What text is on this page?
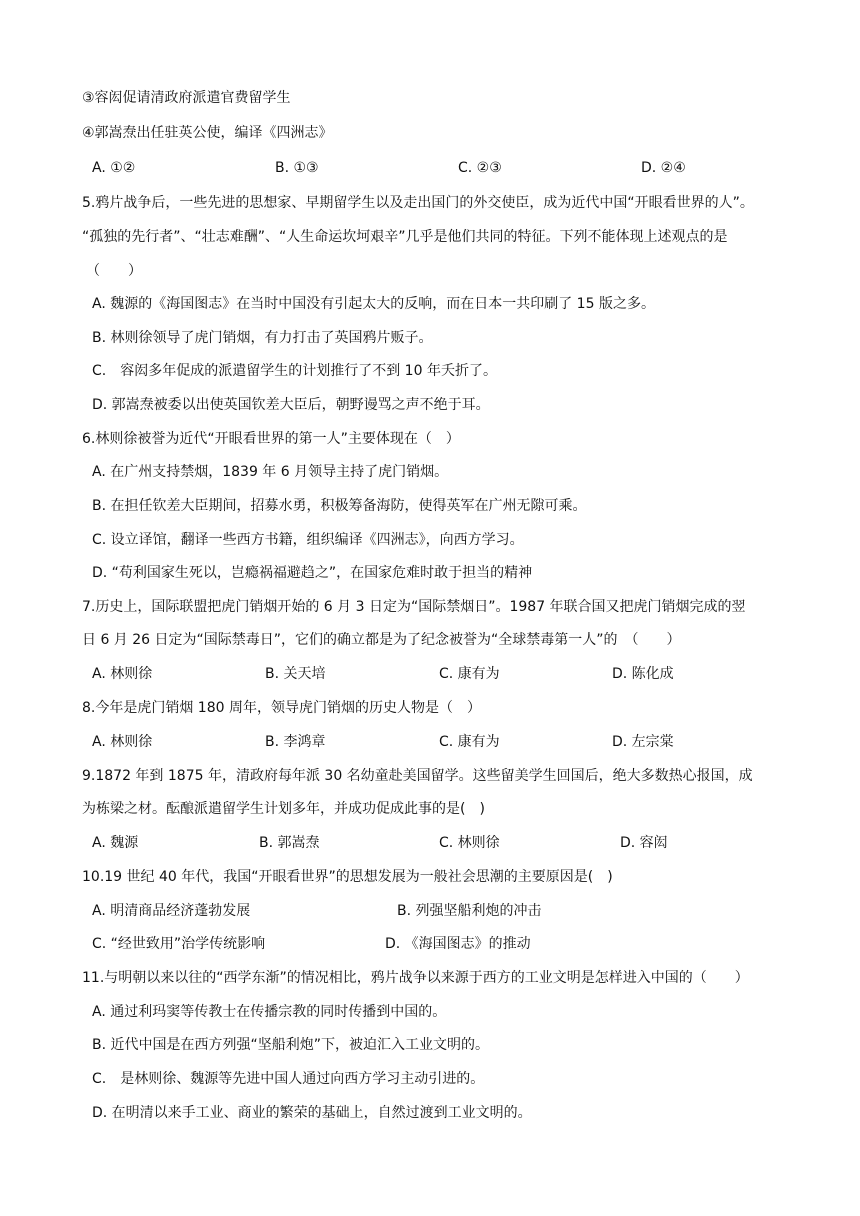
③容闳促请清政府派遣官费留学生
④郭嵩焘出任驻英公使，编译《四洲志》
A. ①②	B. ①③	C. ②③	D. ②④
5.鸦片战争后，一些先进的思想家、早期留学生以及走出国门的外交使臣，成为近代中国“开眼看世界的人”。
“孤独的先行者”、“壮志难酬”、“人生命运坎坷艰辛”几乎是他们共同的特征。下列不能体现上述观点的是
（　　）
A. 魏源的《海国图志》在当时中国没有引起太大的反响，而在日本一共印刷了 15 版之多。
B. 林则徐领导了虎门销烟，有力打击了英国鸦片贩子。
C.　容闳多年促成的派遣留学生的计划推行了不到 10 年夭折了。
D. 郭嵩焘被委以出使英国钦差大臣后，朝野谩骂之声不绝于耳。
6.林则徐被誉为近代“开眼看世界的第一人”主要体现在（　）
A. 在广州支持禁烟，1839 年 6 月领导主持了虎门销烟。
B. 在担任钦差大臣期间，招募水勇，积极筹备海防，使得英军在广州无隙可乘。
C. 设立译馆，翻译一些西方书籍，组织编译《四洲志》，向西方学习。
D. “苟利国家生死以，岂瘾祸福避趋之”，在国家危难时敢于担当的精神
7.历史上，国际联盟把虎门销烟开始的 6 月 3 日定为“国际禁烟日”。1987 年联合国又把虎门销烟完成的翌
日 6 月 26 日定为“国际禁毒日”，它们的确立都是为了纪念被誉为“全球禁毒第一人”的　（　　）
A. 林则徐	B. 关天培	C. 康有为	D. 陈化成
8.今年是虎门销烟 180 周年，领导虎门销烟的历史人物是（　）
A. 林则徐	B. 李鸿章	C. 康有为	D. 左宗棠
9.1872 年到 1875 年，清政府每年派 30 名幼童赴美国留学。这些留美学生回国后，绝大多数热心报国，成
为栋梁之材。酝酿派遣留学生计划多年，并成功促成此事的是(　)
A. 魏源	B. 郭嵩焘	C. 林则徐	D. 容闳
10.19 世纪 40 年代，我国“开眼看世界”的思想发展为一般社会思潮的主要原因是(　)
A. 明清商品经济蓬勃发展	B. 列强坚船利炮的冲击
C. “经世致用”治学传统影响	D. 《海国图志》的推动
11.与明朝以来以往的“西学东渐”的情况相比，鸦片战争以来源于西方的工业文明是怎样进入中国的（　　）
A. 通过利玛窦等传教士在传播宗教的同时传播到中国的。
B. 近代中国是在西方列强“坚船利炮”下，被迫汇入工业文明的。
C.　是林则徐、魏源等先进中国人通过向西方学习主动引进的。
D. 在明清以来手工业、商业的繁荣的基础上，自然过渡到工业文明的。
